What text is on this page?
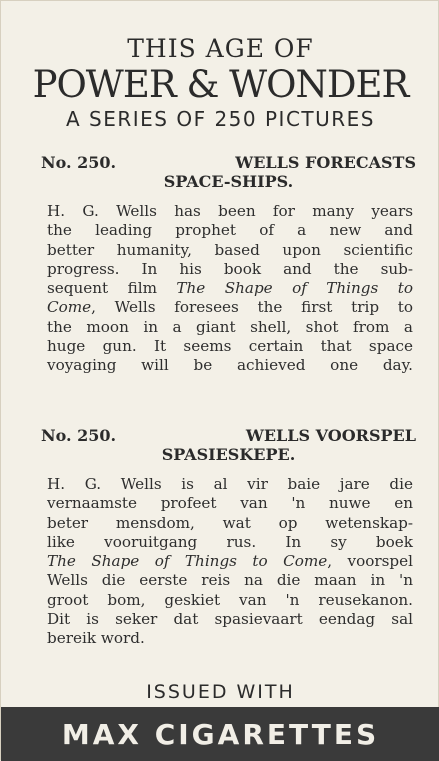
THIS AGE OF
POWER & WONDER
A SERIES OF 250 PICTURES
No. 250.	WELLS FORECASTS
SPACE-SHIPS.
H. G. Wells has been for many years
the leading prophet of a new and
better humanity, based upon scientific
progress. In his book and the sub-
sequent film The Shape of Things to
Come, Wells foresees the first trip to
the moon in a giant shell, shot from a
huge gun. It seems certain that space
voyaging will be achieved one day.
No. 250.	WELLS VOORSPEL
SPASIESKEPE.
H. G. Wells is al vir baie jare die
vernaamste profeet van 'n nuwe en
beter mensdom, wat op wetenskap-
like vooruitgang rus. In sy boek
The Shape of Things to Come, voorspel
Wells die eerste reis na die maan in 'n
groot bom, geskiet van 'n reusekanon.
Dit is seker dat spasievaart eendag sal
bereik word.
ISSUED WITH
MAX CIGARETTES
